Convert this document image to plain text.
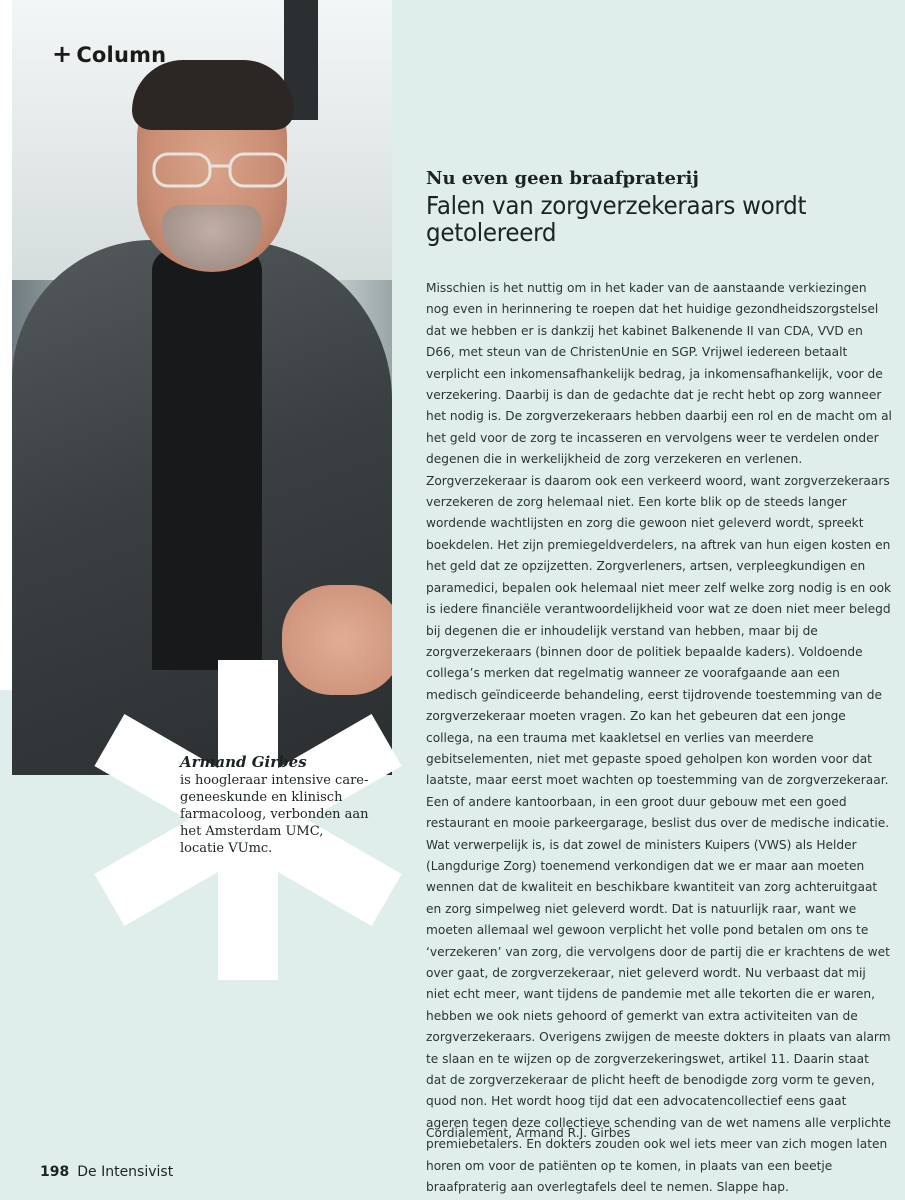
+ Column
Armand Girbes
is hoogleraar intensive care-geneeskunde en klinisch farmacoloog, verbonden aan het Amsterdam UMC, locatie VUmc.
Nu even geen braafpraterij
Falen van zorgverzekeraars wordt getolereerd

Misschien is het nuttig om in het kader van de aanstaande verkiezingen nog even in herinnering te roepen dat het huidige gezondheidszorgstelsel dat we hebben er is dankzij het kabinet Balkenende II van CDA, VVD en D66, met steun van de ChristenUnie en SGP. Vrijwel iedereen betaalt verplicht een inkomensafhankelijk bedrag, ja inkomensafhankelijk, voor de verzekering. Daarbij is dan de gedachte dat je recht hebt op zorg wanneer het nodig is. De zorgverzekeraars hebben daarbij een rol en de macht om al het geld voor de zorg te incasseren en vervolgens weer te verdelen onder degenen die in werkelijkheid de zorg verzekeren en verlenen. Zorgverzekeraar is daarom ook een verkeerd woord, want zorgverzekeraars verzekeren de zorg helemaal niet. Een korte blik op de steeds langer wordende wachtlijsten en zorg die gewoon niet geleverd wordt, spreekt boekdelen. Het zijn premiegeldverdelers, na aftrek van hun eigen kosten en het geld dat ze opzijzetten. Zorgverleners, artsen, verpleegkundigen en paramedici, bepalen ook helemaal niet meer zelf welke zorg nodig is en ook is iedere financiële verantwoordelijkheid voor wat ze doen niet meer belegd bij degenen die er inhoudelijk verstand van hebben, maar bij de zorgverzekeraars (binnen door de politiek bepaalde kaders). Voldoende collega’s merken dat regelmatig wanneer ze voorafgaande aan een medisch geïndiceerde behandeling, eerst tijdrovende toestemming van de zorgverzekeraar moeten vragen. Zo kan het gebeuren dat een jonge collega, na een trauma met kaakletsel en verlies van meerdere gebitselementen, niet met gepaste spoed geholpen kon worden voor dat laatste, maar eerst moet wachten op toestemming van de zorgverzekeraar. Een of andere kantoorbaan, in een groot duur gebouw met een goed restaurant en mooie parkeergarage, beslist dus over de medische indicatie. Wat verwerpelijk is, is dat zowel de ministers Kuipers (VWS) als Helder (Langdurige Zorg) toenemend verkondigen dat we er maar aan moeten wennen dat de kwaliteit en beschikbare kwantiteit van zorg achteruitgaat en zorg simpelweg niet geleverd wordt. Dat is natuurlijk raar, want we moeten allemaal wel gewoon verplicht het volle pond betalen om ons te ‘verzekeren’ van zorg, die vervolgens door de partij die er krachtens de wet over gaat, de zorgverzekeraar, niet geleverd wordt. Nu verbaast dat mij niet echt meer, want tijdens de pandemie met alle tekorten die er waren, hebben we ook niets gehoord of gemerkt van extra activiteiten van de zorgverzekeraars. Overigens zwijgen de meeste dokters in plaats van alarm te slaan en te wijzen op de zorgverzekeringswet, artikel 11. Daarin staat dat de zorgverzekeraar de plicht heeft de benodigde zorg vorm te geven, quod non. Het wordt hoog tijd dat een advocatencollectief eens gaat ageren tegen deze collectieve schending van de wet namens alle verplichte premiebetalers. En dokters zouden ook wel iets meer van zich mogen laten horen om voor de patiënten op te komen, in plaats van een beetje braafpraterig aan overlegtafels deel te nemen. Slappe hap.

Cordialement, Armand R.J. Girbes
198 De Intensivist
